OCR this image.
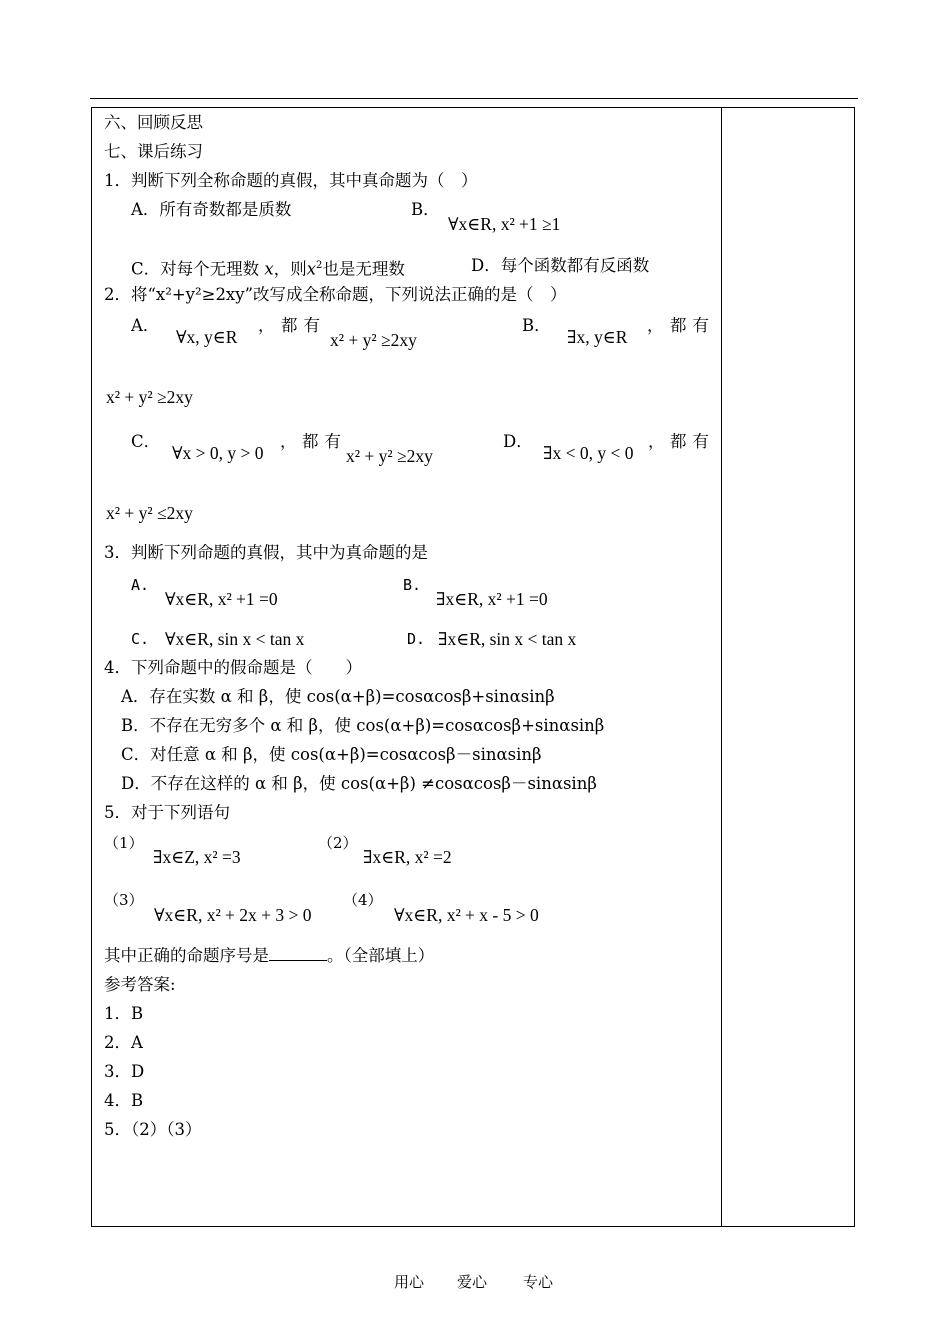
六、回顾反思
七、课后练习
1．判断下列全称命题的真假，其中真命题为（　）
A．所有奇数都是质数	B．
∀x∈R, x² +1 ≥1
C．对每个无理数 x，则$x^2$也是无理数	D．每个函数都有反函数
2．将“x²+y²≥2xy”改写成全称命题，下列说法正确的是（　）
A．
∀x, y∈R
， 都有
x² + y² ≥2xy
B．
∃x, y∈R
， 都有
x² + y² ≥2xy
C．
∀x > 0, y > 0
， 都有
x² + y² ≥2xy
D．
∃x < 0, y < 0
， 都有
x² + y² ≤2xy
3．判断下列命题的真假，其中为真命题的是
A.
∀x∈R, x² +1 =0
B.
∃x∈R, x² +1 =0
C. ∀x∈R, sin x < tan x	D. ∃x∈R, sin x < tan x
4．下列命题中的假命题是（　　）
A．存在实数 α 和 β，使 cos(α+β)=cosαcosβ+sinαsinβ
B．不存在无穷多个 α 和 β，使 cos(α+β)=cosαcosβ+sinαsinβ
C．对任意 α 和 β，使 cos(α+β)=cosαcosβ－sinαsinβ
D．不存在这样的 α 和 β，使 cos(α+β) ≠cosαcosβ－sinαsinβ
5．对于下列语句
（1）
∃x∈Z, x² =3
（2）
∃x∈R, x² =2
（3）
∀x∈R, x² + 2x + 3 > 0
（4）
∀x∈R, x² + x - 5 > 0
其中正确的命题序号是	。（全部填上）
参考答案:
1．B
2．A
3．D
4．B
5．（2）（3）
用心 爱心 专心
